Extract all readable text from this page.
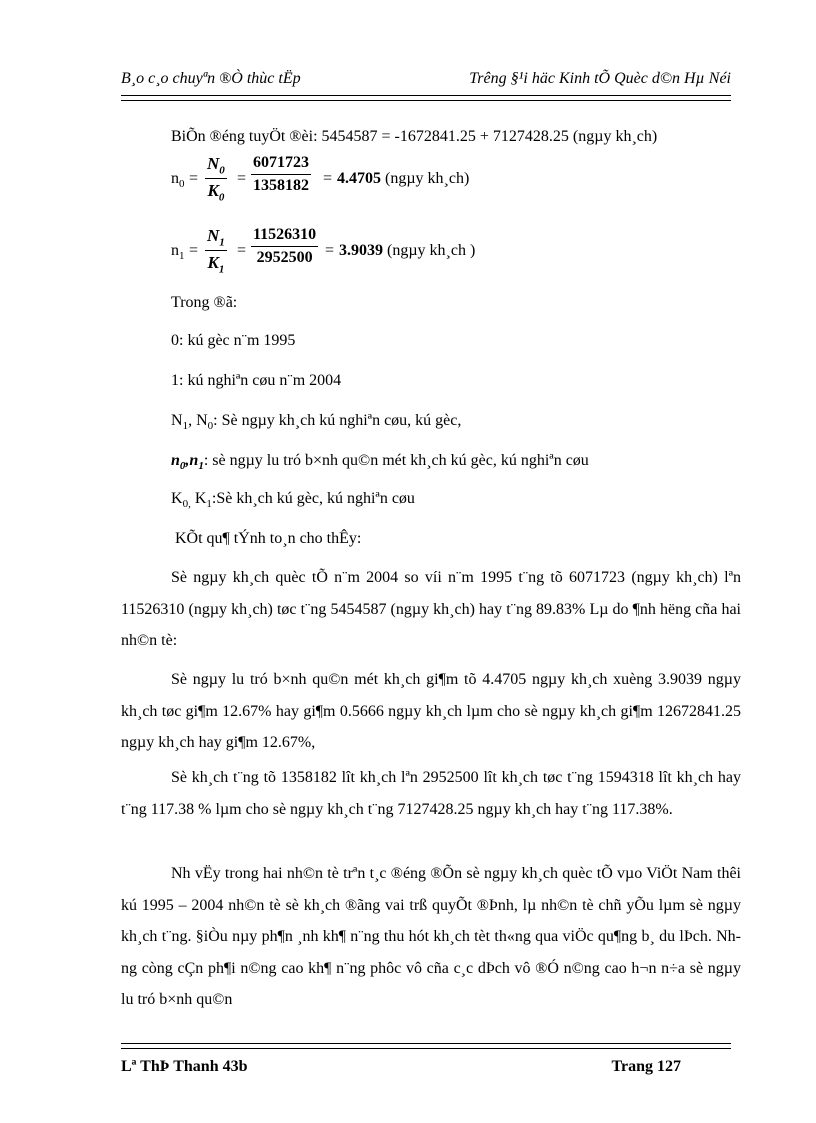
B¸o c¸o chuyªn ®Ò thùc tËp	Trêng §¹i häc Kinh tÕ Quèc d©n Hµ Néi
BiÕn ®éng tuyÖt ®èi: 5454587 = -1672841.25 + 7127428.25 (ngµy kh¸ch)
$n_0 = \frac{N_0}{K_0} = \frac{6071723}{1358182} = 4.4705$ (ngµy kh¸ch)
$n_1 = \frac{N_1}{K_1} = \frac{11526310}{2952500} = 3.9039$ (ngµy kh¸ch )
Trong ®ã:
0: kú gèc n¨m 1995
1: kú nghiªn cøu n¨m 2004
$N_1$, $N_0$: Sè ngµy kh¸ch kú nghiªn cøu, kú gèc,
$n_0,n_1$: sè ngµy lu tró b×nh qu©n mét kh¸ch kú gèc, kú nghiªn cøu
$K_{0,}$ $K_1:Sè$ kh¸ch kú gèc, kú nghiªn cøu
KÕt qu¶ tÝnh to¸n cho thÊy:
Sè ngµy kh¸ch quèc tÕ n¨m 2004 so víi n¨m 1995 t¨ng tõ 6071723 (ngµy kh¸ch) lªn 11526310 (ngµy kh¸ch) tøc t¨ng 5454587 (ngµy kh¸ch) hay t¨ng 89.83% Lµ do ¶nh hëng cña hai nh©n tè:
Sè ngµy lu tró b×nh qu©n mét kh¸ch gi¶m tõ 4.4705 ngµy kh¸ch xuèng 3.9039 ngµy kh¸ch tøc gi¶m 12.67% hay gi¶m 0.5666 ngµy kh¸ch lµm cho sè ngµy kh¸ch gi¶m 12672841.25 ngµy kh¸ch hay gi¶m 12.67%,
Sè kh¸ch t¨ng tõ 1358182 lît kh¸ch lªn 2952500 lît kh¸ch tøc t¨ng 1594318 lît kh¸ch hay t¨ng 117.38 % lµm cho sè ngµy kh¸ch t¨ng 7127428.25 ngµy kh¸ch hay t¨ng 117.38%.
Nh vËy trong hai nh©n tè trªn t¸c ®éng ®Õn sè ngµy kh¸ch quèc tÕ vµo ViÖt Nam thêi kú 1995 – 2004 nh©n tè sè kh¸ch ®ãng vai trß quyÕt ®Þnh, lµ nh©n tè chñ yÕu lµm sè ngµy kh¸ch t¨ng. §iÒu nµy ph¶n ¸nh kh¶ n¨ng thu hót kh¸ch tèt th«ng qua viÖc qu¶ng b¸ du lÞch. Nhng còng cÇn ph¶i n©ng cao kh¶ n¨ng phôc vô cña c¸c dÞch vô ®Ó n©ng cao h¬n n÷a sè ngµy lu tró b×nh qu©n
Lª ThÞ Thanh 43b	Trang 127
